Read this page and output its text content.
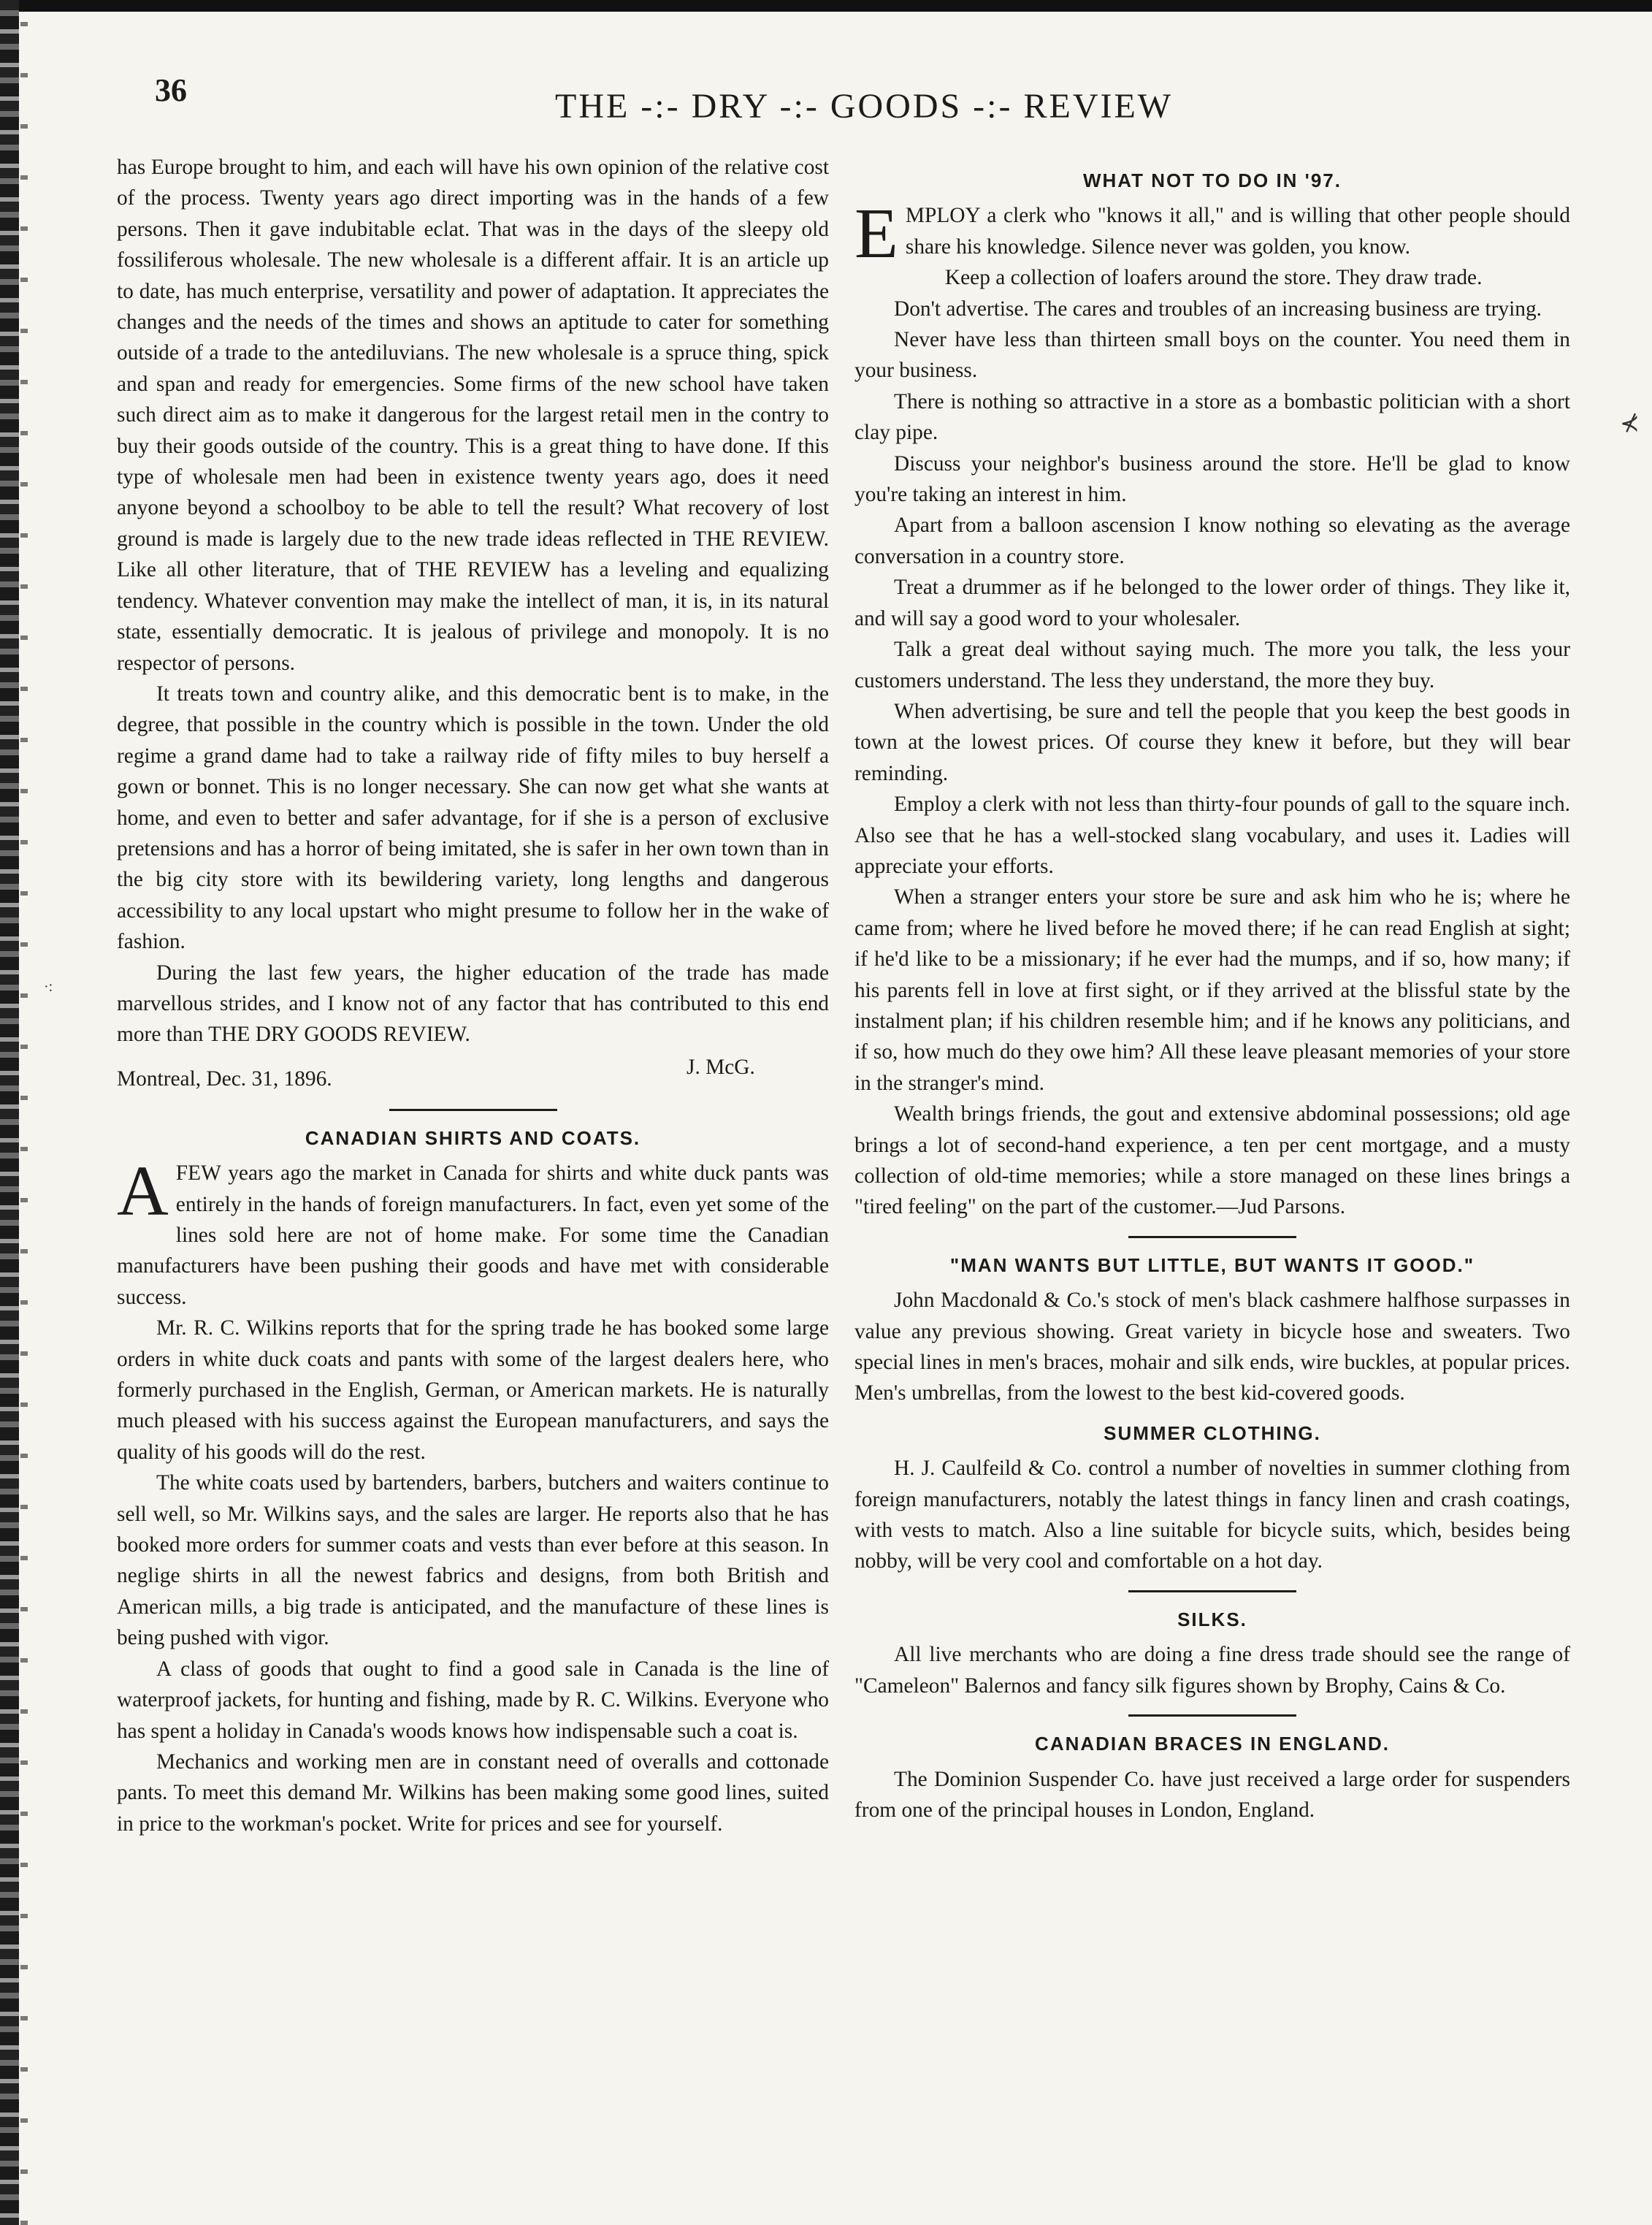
⊀
·:
36	THE -:- DRY -:- GOODS -:- REVIEW

has Europe brought to him, and each will have his own opinion of the relative cost of the process. Twenty years ago direct importing was in the hands of a few persons. Then it gave indubitable eclat. That was in the days of the sleepy old fossiliferous wholesale. The new wholesale is a different affair. It is an article up to date, has much enterprise, versatility and power of adaptation. It appreciates the changes and the needs of the times and shows an aptitude to cater for something outside of a trade to the antediluvians. The new wholesale is a spruce thing, spick and span and ready for emergencies. Some firms of the new school have taken such direct aim as to make it dangerous for the largest retail men in the contry to buy their goods outside of the country. This is a great thing to have done. If this type of wholesale men had been in existence twenty years ago, does it need anyone beyond a schoolboy to be able to tell the result? What recovery of lost ground is made is largely due to the new trade ideas reflected in THE REVIEW. Like all other literature, that of THE REVIEW has a leveling and equalizing tendency. Whatever convention may make the intellect of man, it is, in its natural state, essentially democratic. It is jealous of privilege and monopoly. It is no respector of persons.

It treats town and country alike, and this democratic bent is to make, in the degree, that possible in the country which is possible in the town. Under the old regime a grand dame had to take a railway ride of fifty miles to buy herself a gown or bonnet. This is no longer necessary. She can now get what she wants at home, and even to better and safer advantage, for if she is a person of exclusive pretensions and has a horror of being imitated, she is safer in her own town than in the big city store with its bewildering variety, long lengths and dangerous accessibility to any local upstart who might presume to follow her in the wake of fashion.

During the last few years, the higher education of the trade has made marvellous strides, and I know not of any factor that has contributed to this end more than THE DRY GOODS REVIEW.

Montreal, Dec. 31, 1896.	J. McG.
CANADIAN SHIRTS AND COATS.

AFEW years ago the market in Canada for shirts and white duck pants was entirely in the hands of foreign manufacturers. In fact, even yet some of the lines sold here are not of home make. For some time the Canadian manufacturers have been pushing their goods and have met with considerable success.

Mr. R. C. Wilkins reports that for the spring trade he has booked some large orders in white duck coats and pants with some of the largest dealers here, who formerly purchased in the English, German, or American markets. He is naturally much pleased with his success against the European manufacturers, and says the quality of his goods will do the rest.

The white coats used by bartenders, barbers, butchers and waiters continue to sell well, so Mr. Wilkins says, and the sales are larger. He reports also that he has booked more orders for summer coats and vests than ever before at this season. In neglige shirts in all the newest fabrics and designs, from both British and American mills, a big trade is anticipated, and the manufacture of these lines is being pushed with vigor.

A class of goods that ought to find a good sale in Canada is the line of waterproof jackets, for hunting and fishing, made by R. C. Wilkins. Everyone who has spent a holiday in Canada's woods knows how indispensable such a coat is.

Mechanics and working men are in constant need of overalls and cottonade pants. To meet this demand Mr. Wilkins has been making some good lines, suited in price to the workman's pocket. Write for prices and see for yourself.

WHAT NOT TO DO IN '97.

EMPLOY a clerk who "knows it all," and is willing that other people should share his knowledge. Silence never was golden, you know.

Keep a collection of loafers around the store. They draw trade.

Don't advertise. The cares and troubles of an increasing business are trying.

Never have less than thirteen small boys on the counter. You need them in your business.

There is nothing so attractive in a store as a bombastic politician with a short clay pipe.

Discuss your neighbor's business around the store. He'll be glad to know you're taking an interest in him.

Apart from a balloon ascension I know nothing so elevating as the average conversation in a country store.

Treat a drummer as if he belonged to the lower order of things. They like it, and will say a good word to your wholesaler.

Talk a great deal without saying much. The more you talk, the less your customers understand. The less they understand, the more they buy.

When advertising, be sure and tell the people that you keep the best goods in town at the lowest prices. Of course they knew it before, but they will bear reminding.

Employ a clerk with not less than thirty-four pounds of gall to the square inch. Also see that he has a well-stocked slang vocabulary, and uses it. Ladies will appreciate your efforts.

When a stranger enters your store be sure and ask him who he is; where he came from; where he lived before he moved there; if he can read English at sight; if he'd like to be a missionary; if he ever had the mumps, and if so, how many; if his parents fell in love at first sight, or if they arrived at the blissful state by the instalment plan; if his children resemble him; and if he knows any politicians, and if so, how much do they owe him? All these leave pleasant memories of your store in the stranger's mind.

Wealth brings friends, the gout and extensive abdominal possessions; old age brings a lot of second-hand experience, a ten per cent mortgage, and a musty collection of old-time memories; while a store managed on these lines brings a "tired feeling" on the part of the customer.—Jud Parsons.

"MAN WANTS BUT LITTLE, BUT WANTS IT GOOD."

John Macdonald & Co.'s stock of men's black cashmere halfhose surpasses in value any previous showing. Great variety in bicycle hose and sweaters. Two special lines in men's braces, mohair and silk ends, wire buckles, at popular prices. Men's umbrellas, from the lowest to the best kid-covered goods.

SUMMER CLOTHING.

H. J. Caulfeild & Co. control a number of novelties in summer clothing from foreign manufacturers, notably the latest things in fancy linen and crash coatings, with vests to match. Also a line suitable for bicycle suits, which, besides being nobby, will be very cool and comfortable on a hot day.

SILKS.

All live merchants who are doing a fine dress trade should see the range of "Cameleon" Balernos and fancy silk figures shown by Brophy, Cains & Co.

CANADIAN BRACES IN ENGLAND.

The Dominion Suspender Co. have just received a large order for suspenders from one of the principal houses in London, England.
